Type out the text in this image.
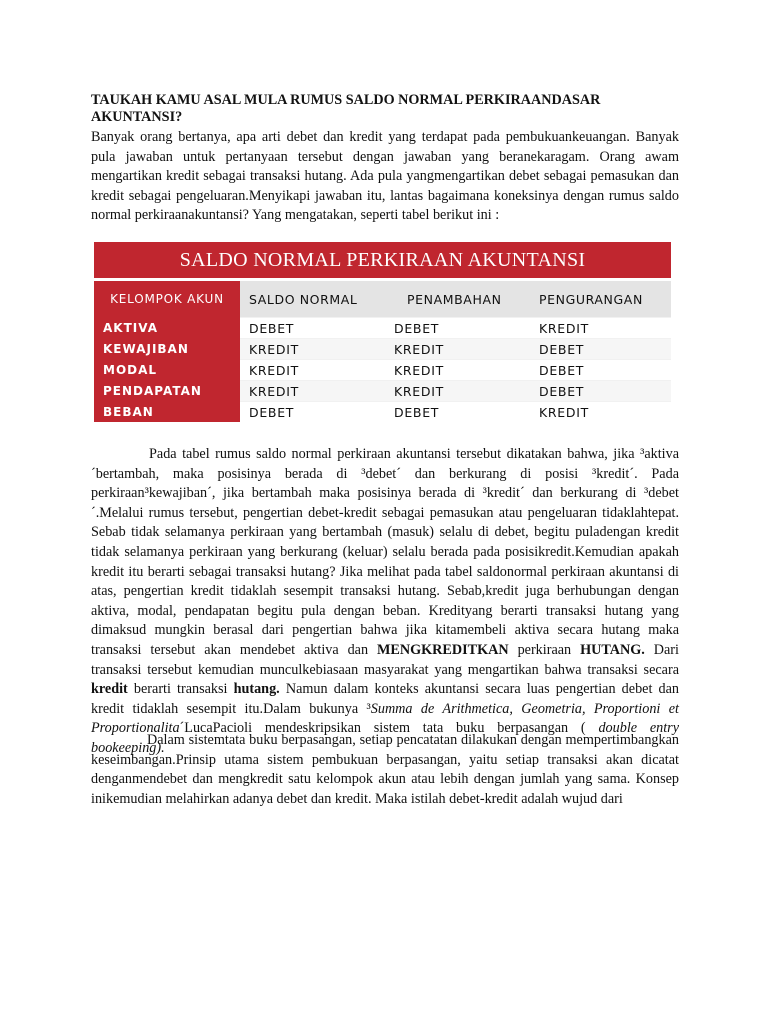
TAUKAH KAMU ASAL MULA RUMUS SALDO NORMAL PERKIRAANDASAR AKUNTANSI?
Banyak orang bertanya, apa arti debet dan kredit yang terdapat pada pembukuankeuangan. Banyak pula jawaban untuk pertanyaan tersebut dengan jawaban yang beranekaragam. Orang awam mengartikan kredit sebagai transaksi hutang. Ada pula yangmengartikan debet sebagai pemasukan dan kredit sebagai pengeluaran.Menyikapi jawaban itu, lantas bagaimana koneksinya dengan rumus saldo normal perkiraanakuntansi? Yang mengatakan, seperti tabel berikut ini :
SALDO NORMAL PERKIRAAN AKUNTANSI			
KELOMPOK AKUN	SALDO NORMAL	PENAMBAHAN	PENGURANGAN
AKTIVA	DEBET	DEBET	KREDIT
KEWAJIBAN	KREDIT	KREDIT	DEBET
MODAL	KREDIT	KREDIT	DEBET
PENDAPATAN	KREDIT	KREDIT	DEBET
BEBAN	DEBET	DEBET	KREDIT
Pada tabel rumus saldo normal perkiraan akuntansi tersebut dikatakan bahwa, jika ³aktiva´bertambah, maka posisinya berada di ³debet´ dan berkurang di posisi ³kredit´. Pada perkiraan³kewajiban´, jika bertambah maka posisinya berada di ³kredit´ dan berkurang di ³debet´.Melalui rumus tersebut, pengertian debet-kredit sebagai pemasukan atau pengeluaran tidaklahtepat. Sebab tidak selamanya perkiraan yang bertambah (masuk) selalu di debet, begitu puladengan kredit tidak selamanya perkiraan yang berkurang (keluar) selalu berada pada posisikredit.Kemudian apakah kredit itu berarti sebagai transaksi hutang? Jika melihat pada tabel saldonormal perkiraan akuntansi di atas, pengertian kredit tidaklah sesempit transaksi hutang. Sebab,kredit juga berhubungan dengan aktiva, modal, pendapatan begitu pula dengan beban. Kredityang berarti transaksi hutang yang dimaksud mungkin berasal dari pengertian bahwa jika kitamembeli aktiva secara hutang maka transaksi tersebut akan mendebet aktiva dan MENGKREDITKAN perkiraan HUTANG. Dari transaksi tersebut kemudian munculkebiasaan masyarakat yang mengartikan bahwa transaksi secara kredit berarti transaksi hutang. Namun dalam konteks akuntansi secara luas pengertian debet dan kredit tidaklah sesempit itu.Dalam bukunya ³Summa de Arithmetica, Geometria, Proportioni et Proportionalita´LucaPacioli mendeskripsikan sistem tata buku berpasangan ( double entry bookeeping).
Dalam sistemtata buku berpasangan, setiap pencatatan dilakukan dengan mempertimbangkan keseimbangan.Prinsip utama sistem pembukuan berpasangan, yaitu setiap transaksi akan dicatat denganmendebet dan mengkredit satu kelompok akun atau lebih dengan jumlah yang sama. Konsep inikemudian melahirkan adanya debet dan kredit. Maka istilah debet-kredit adalah wujud dari
